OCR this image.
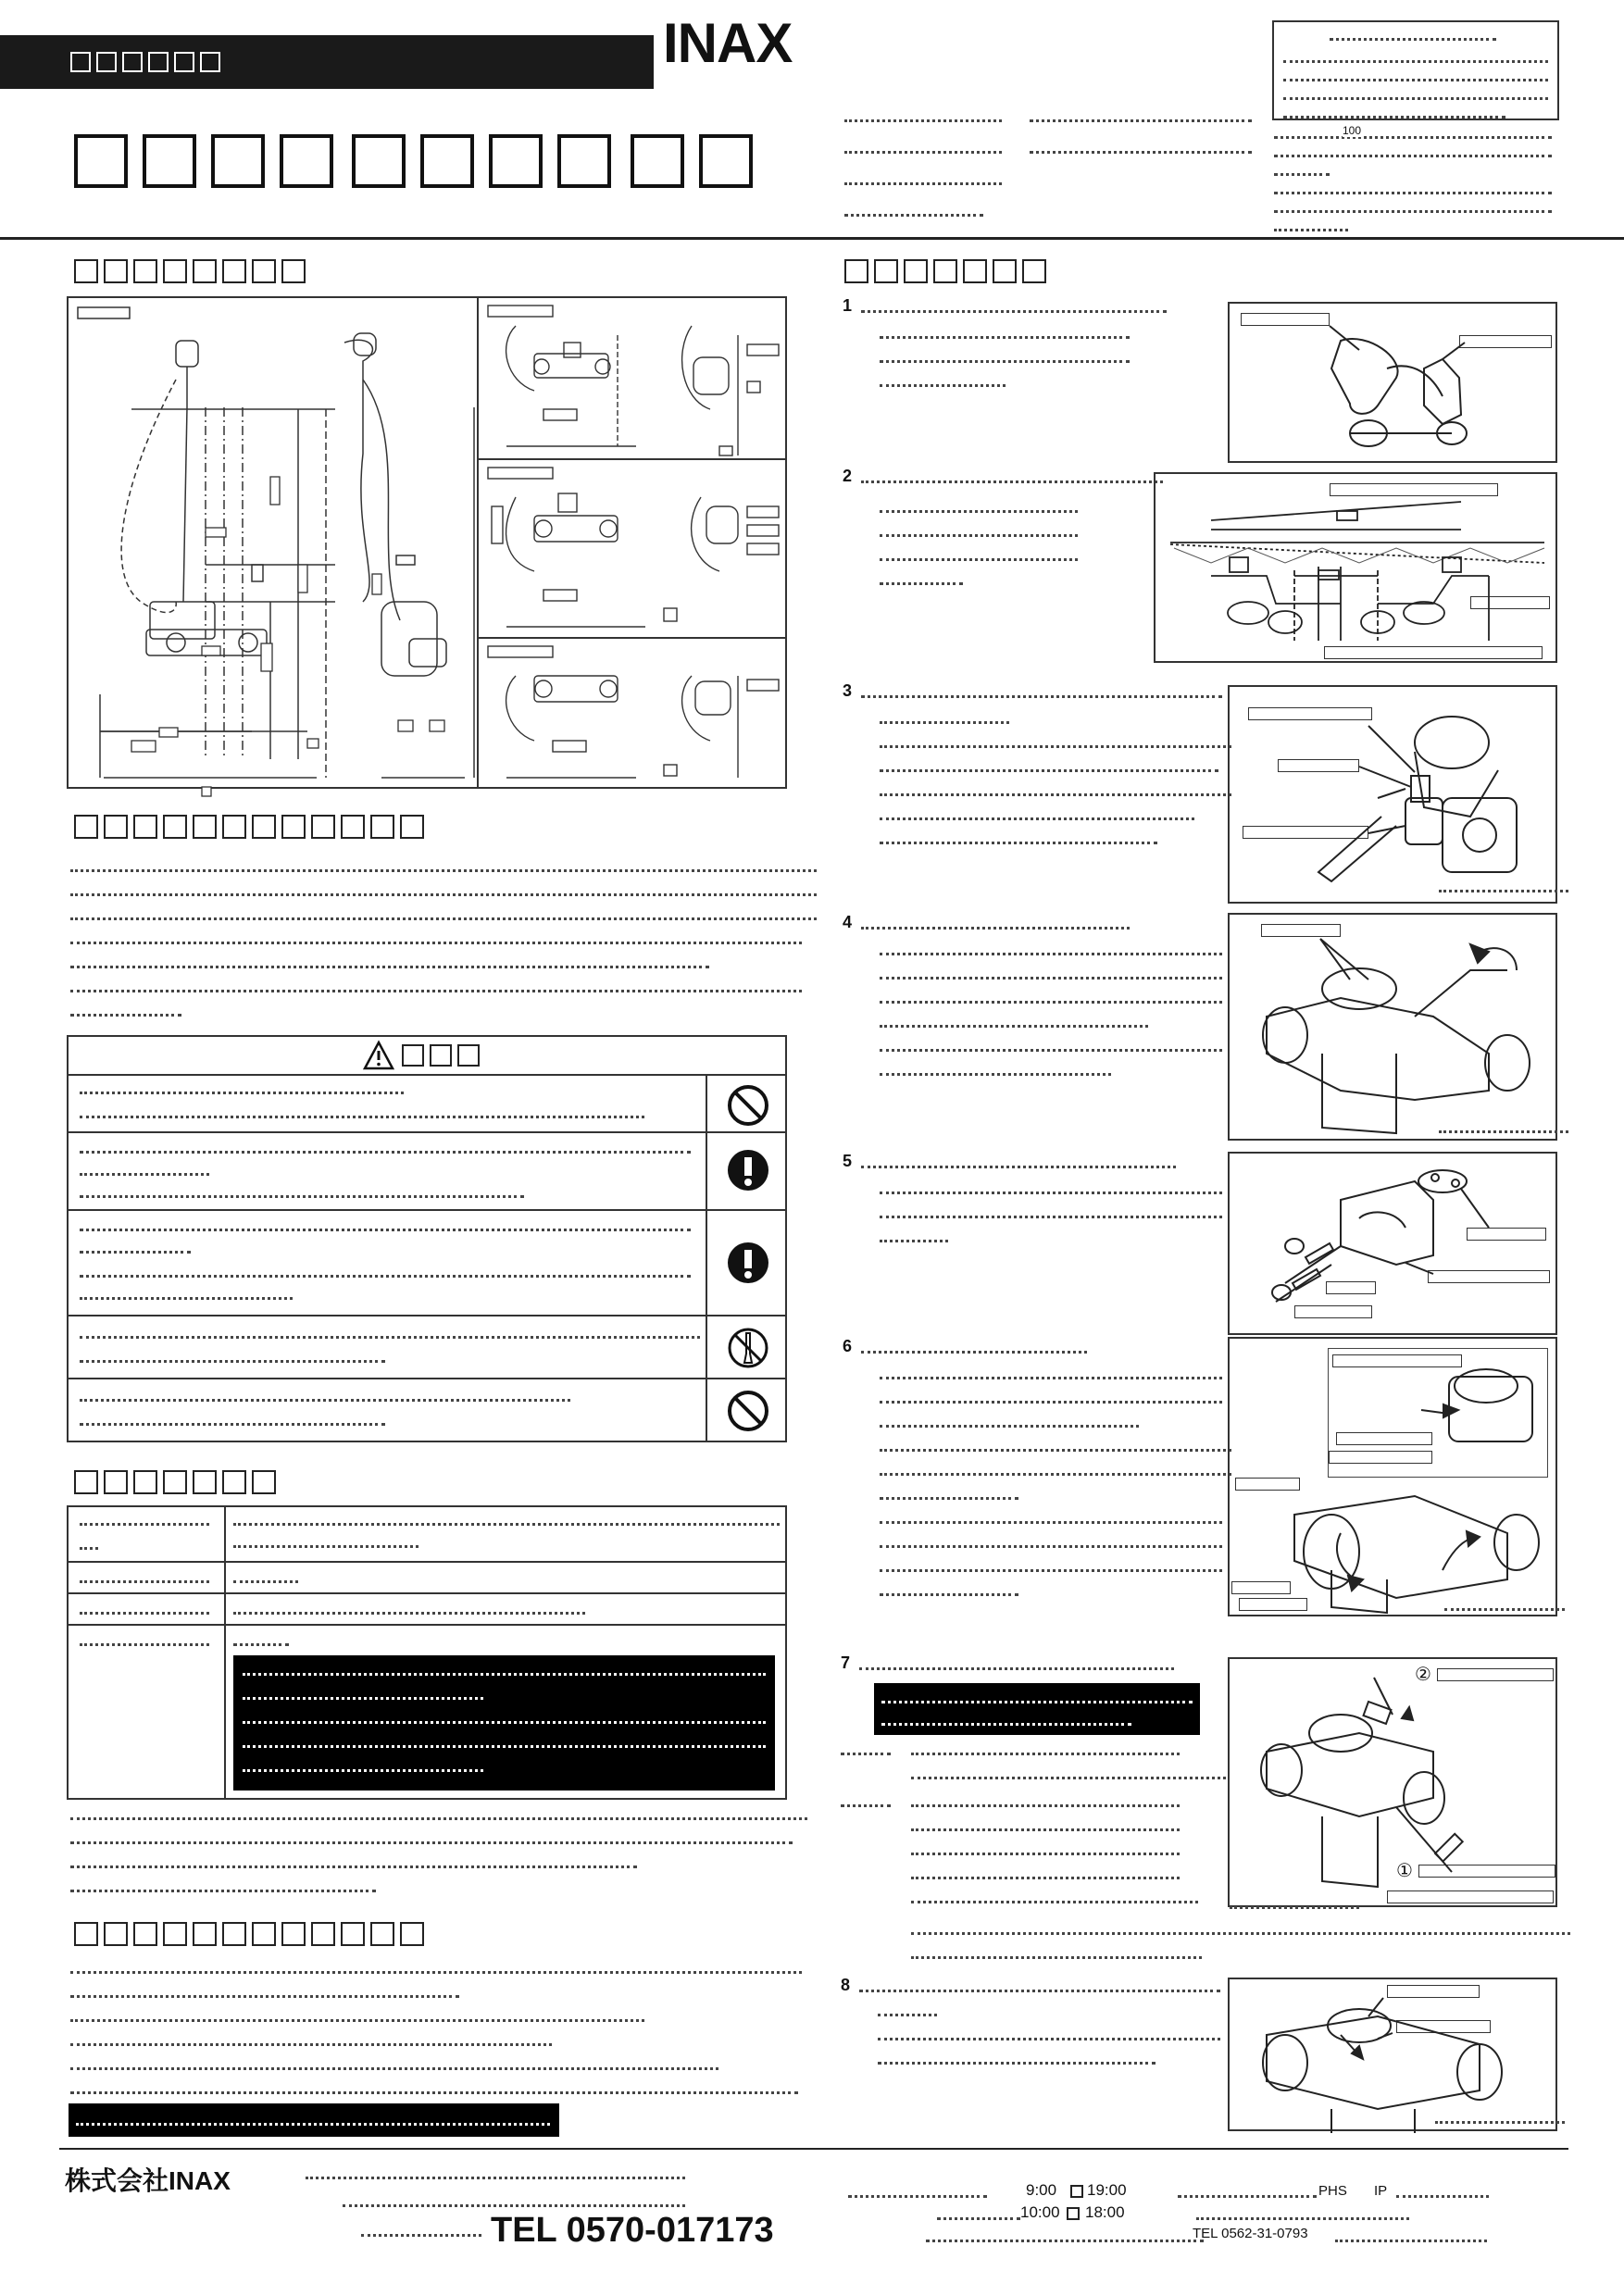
INAX

100
1
2
3
4
5
6
7
②
①
8
株式会社INAX
TEL 0570-017173
9:00 19:00	PHS IP
10:00 18:00
TEL 0562-31-0793
